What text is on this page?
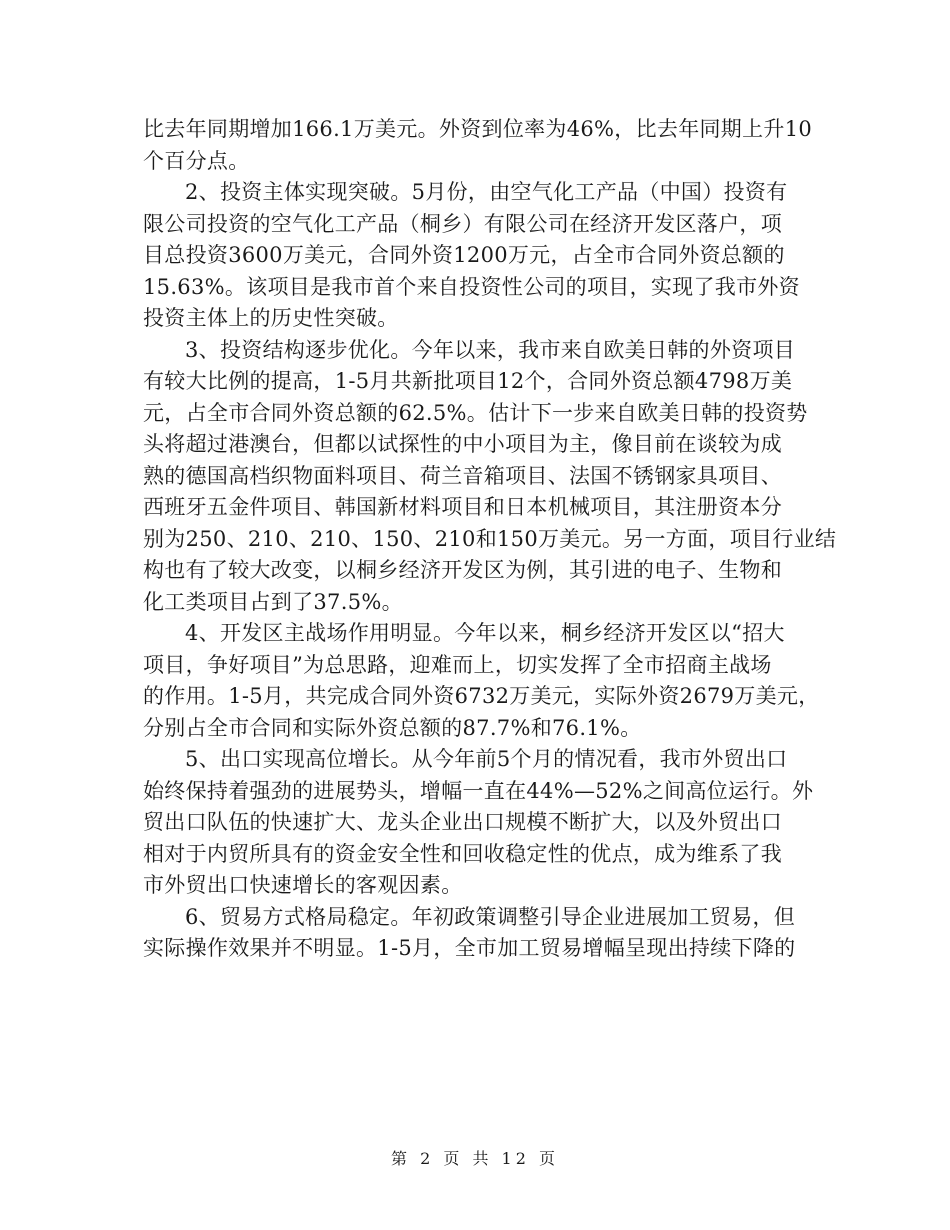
比去年同期增加166.1万美元。外资到位率为46%，比去年同期上升10
个百分点。
2、投资主体实现突破。5月份，由空气化工产品（中国）投资有
限公司投资的空气化工产品（桐乡）有限公司在经济开发区落户，项
目总投资3600万美元，合同外资1200万元，占全市合同外资总额的
15.63%。该项目是我市首个来自投资性公司的项目，实现了我市外资
投资主体上的历史性突破。
3、投资结构逐步优化。今年以来，我市来自欧美日韩的外资项目
有较大比例的提高，1-5月共新批项目12个，合同外资总额4798万美
元，占全市合同外资总额的62.5%。估计下一步来自欧美日韩的投资势
头将超过港澳台，但都以试探性的中小项目为主，像目前在谈较为成
熟的德国高档织物面料项目、荷兰音箱项目、法国不锈钢家具项目、
西班牙五金件项目、韩国新材料项目和日本机械项目，其注册资本分
别为250、210、210、150、210和150万美元。另一方面，项目行业结
构也有了较大改变，以桐乡经济开发区为例，其引进的电子、生物和
化工类项目占到了37.5%。
4、开发区主战场作用明显。今年以来，桐乡经济开发区以“招大
项目，争好项目”为总思路，迎难而上，切实发挥了全市招商主战场
的作用。1-5月，共完成合同外资6732万美元，实际外资2679万美元，
分别占全市合同和实际外资总额的87.7%和76.1%。
5、出口实现高位增长。从今年前5个月的情况看，我市外贸出口
始终保持着强劲的进展势头，增幅一直在44%—52%之间高位运行。外
贸出口队伍的快速扩大、龙头企业出口规模不断扩大，以及外贸出口
相对于内贸所具有的资金安全性和回收稳定性的优点，成为维系了我
市外贸出口快速增长的客观因素。
6、贸易方式格局稳定。年初政策调整引导企业进展加工贸易，但
实际操作效果并不明显。1-5月，全市加工贸易增幅呈现出持续下降的
第 2 页 共 12 页
